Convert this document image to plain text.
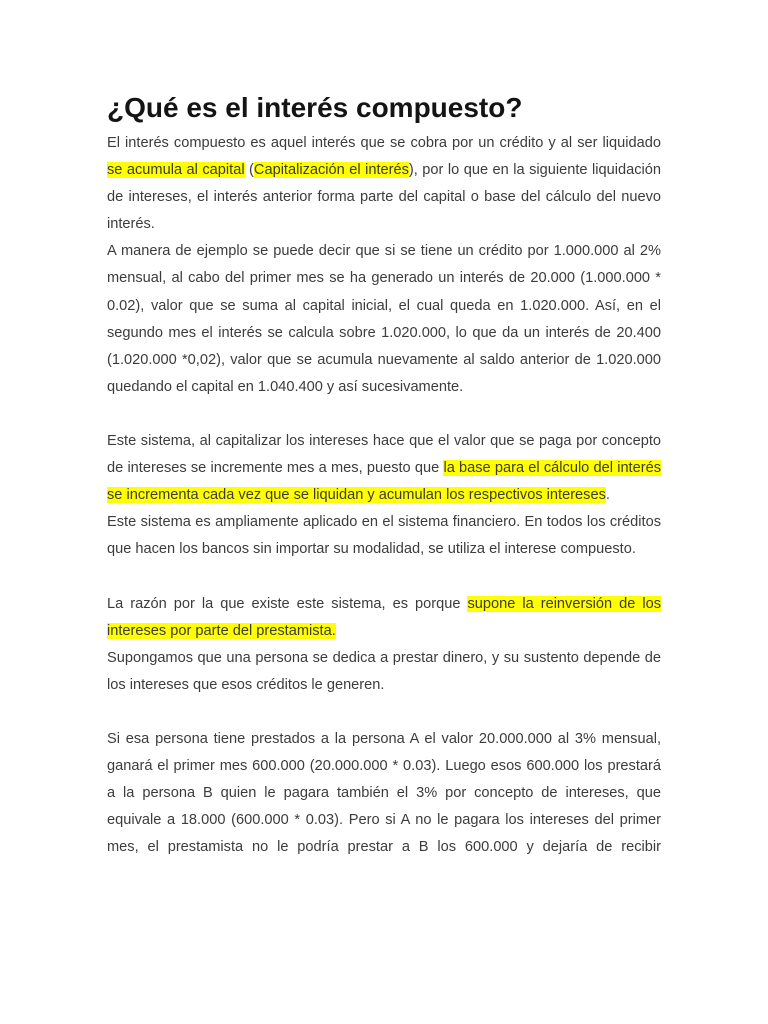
¿Qué es el interés compuesto?

El interés compuesto es aquel interés que se cobra por un crédito y al ser liquidado se acumula al capital (Capitalización el interés), por lo que en la siguiente liquidación de intereses, el interés anterior forma parte del capital o base del cálculo del nuevo interés.

A manera de ejemplo se puede decir que si se tiene un crédito por 1.000.000 al 2% mensual, al cabo del primer mes se ha generado un interés de 20.000 (1.000.000 * 0.02), valor que se suma al capital inicial, el cual queda en 1.020.000. Así, en el segundo mes el interés se calcula sobre 1.020.000, lo que da un interés de 20.400 (1.020.000 *0,02), valor que se acumula nuevamente al saldo anterior de 1.020.000 quedando el capital en 1.040.400 y así sucesivamente.

Este sistema, al capitalizar los intereses hace que el valor que se paga por concepto de intereses se incremente mes a mes, puesto que la base para el cálculo del interés se incrementa cada vez que se liquidan y acumulan los respectivos intereses.

Este sistema es ampliamente aplicado en el sistema financiero. En todos los créditos que hacen los bancos sin importar su modalidad, se utiliza el interese compuesto.

La razón por la que existe este sistema, es porque supone la reinversión de los intereses por parte del prestamista.

Supongamos que una persona se dedica a prestar dinero, y su sustento depende de los intereses que esos créditos le generen.

Si esa persona tiene prestados a la persona A el valor 20.000.000 al 3% mensual, ganará el primer mes 600.000 (20.000.000 * 0.03). Luego esos 600.000 los prestará a la persona B quien le pagara también el 3% por concepto de intereses, que equivale a 18.000 (600.000 * 0.03). Pero si A no le pagara los intereses del primer mes, el prestamista no le podría prestar a B los 600.000 y dejaría de recibir
